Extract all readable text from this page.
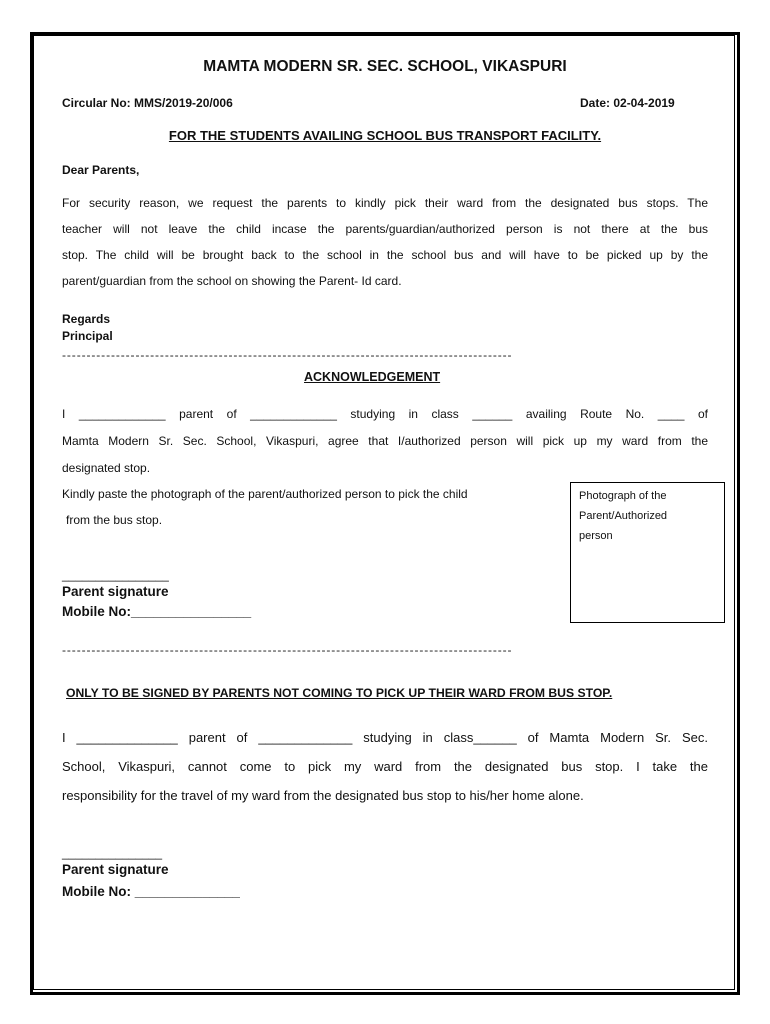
MAMTA MODERN SR. SEC. SCHOOL, VIKASPURI
Circular No: MMS/2019-20/006	Date: 02-04-2019
FOR THE STUDENTS AVAILING SCHOOL BUS TRANSPORT FACILITY.
Dear Parents,
For security reason, we request the parents to kindly pick their ward from the designated bus stops. The
teacher will not leave the child incase the parents/guardian/authorized person is not there at the bus
stop. The child will be brought back to the school in the school bus and will have to be picked up by the
parent/guardian from the school on showing the Parent- Id card.
Regards
Principal
--------------------------------------------------------------------------------------------
ACKNOWLEDGEMENT
I _____________ parent of _____________ studying in class ______ availing Route No. ____ of
Mamta Modern Sr. Sec. School, Vikaspuri, agree that I/authorized person will pick up my ward from the
designated stop.
Kindly paste the photograph of the parent/authorized person to pick the child
from the bus stop.
Photograph of the
Parent/Authorized
person
________________
Parent signature
Mobile No:________________
--------------------------------------------------------------------------------------------
ONLY TO BE SIGNED BY PARENTS NOT COMING TO PICK UP THEIR WARD FROM BUS STOP.
I ______________ parent of _____________ studying in class______ of Mamta Modern Sr. Sec.
School, Vikaspuri, cannot come to pick my ward from the designated bus stop. I take the
responsibility for the travel of my ward from the designated bus stop to his/her home alone.
_______________
Parent signature
Mobile No: ______________
